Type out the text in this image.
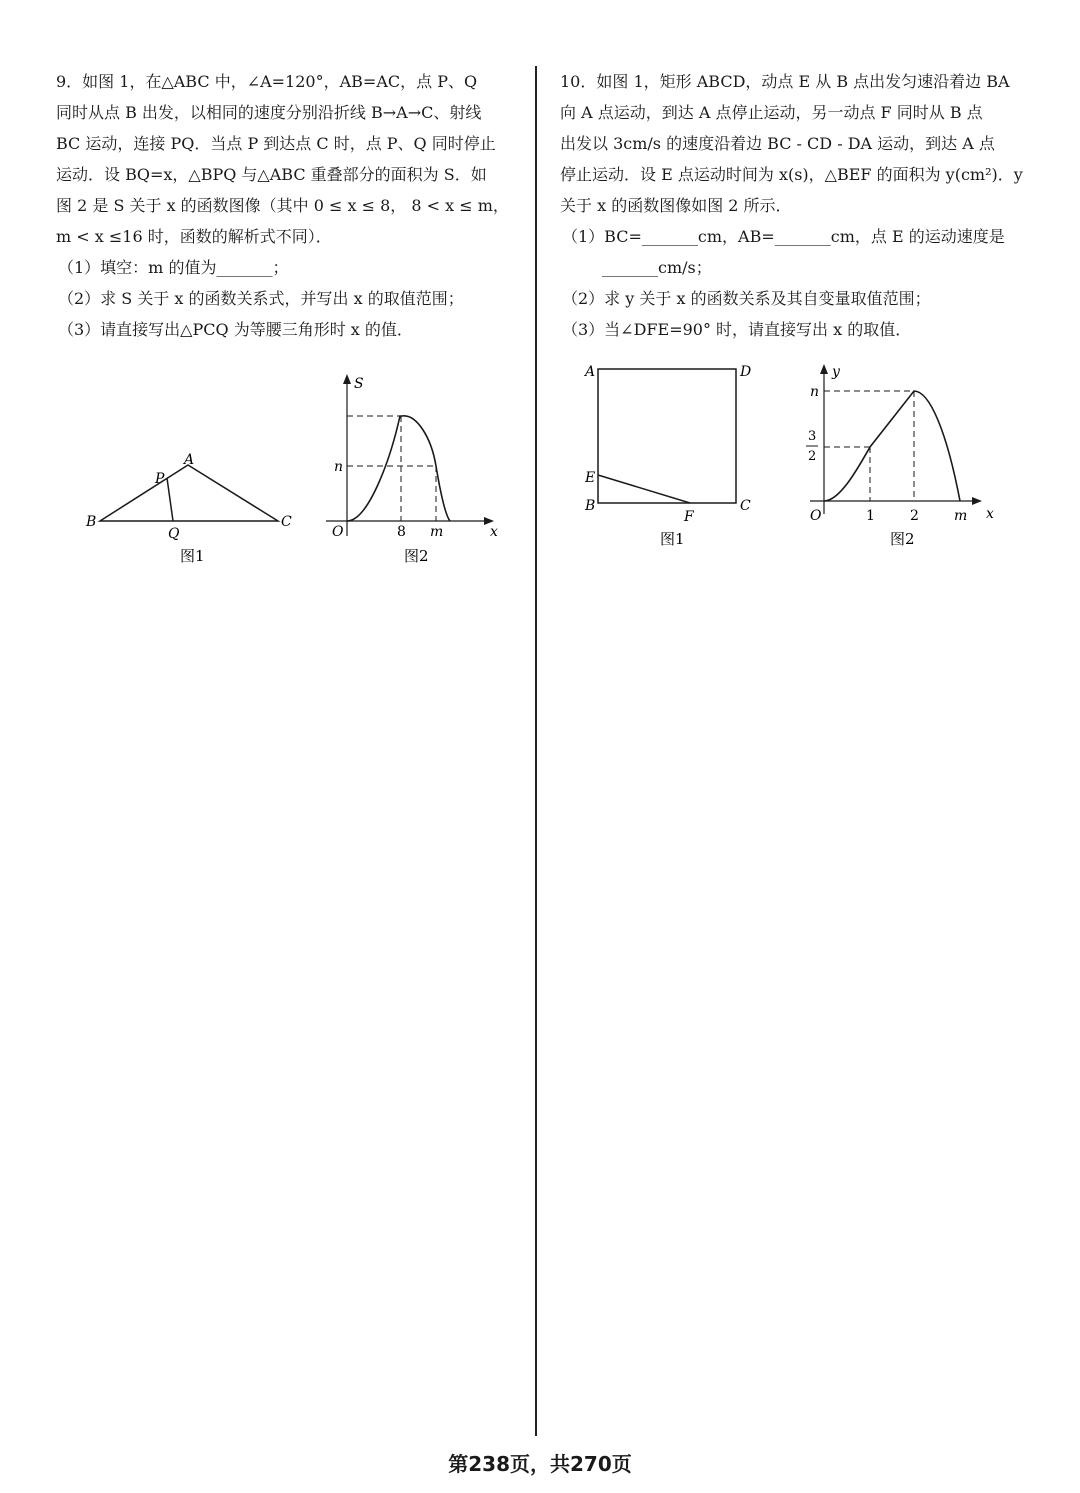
9．如图 1，在△ABC 中，∠A=120°，AB=AC，点 P、Q
同时从点 B 出发，以相同的速度分别沿折线 B→A→C、射线
BC 运动，连接 PQ．当点 P 到达点 C 时，点 P、Q 同时停止
运动．设 BQ=x，△BPQ 与△ABC 重叠部分的面积为 S．如
图 2 是 S 关于 x 的函数图像（其中 0 ≤ x ≤ 8， 8 < x ≤ m，
m < x ≤16 时，函数的解析式不同）．
（1）填空：m 的值为_______；
（2）求 S 关于 x 的函数关系式，并写出 x 的取值范围；
（3）请直接写出△PCQ 为等腰三角形时 x 的值．
10．如图 1，矩形 ABCD，动点 E 从 B 点出发匀速沿着边 BA
向 A 点运动，到达 A 点停止运动，另一动点 F 同时从 B 点
出发以 3cm/s 的速度沿着边 BC - CD - DA 运动，到达 A 点
停止运动．设 E 点运动时间为 x(s)，△BEF 的面积为 y(cm²)．y
关于 x 的函数图像如图 2 所示．
（1）BC=_______cm，AB=_______cm，点 E 的运动速度是
_______cm/s；
（2）求 y 关于 x 的函数关系及其自变量取值范围；
（3）当∠DFE=90° 时，请直接写出 x 的取值．
A
P
B
Q
C
图1
S
x
O
n
8 m
图2
A	D
E
B
F
C
图1
y
x
O
n
3
2
1	2	m
图2
第238页，共270页
